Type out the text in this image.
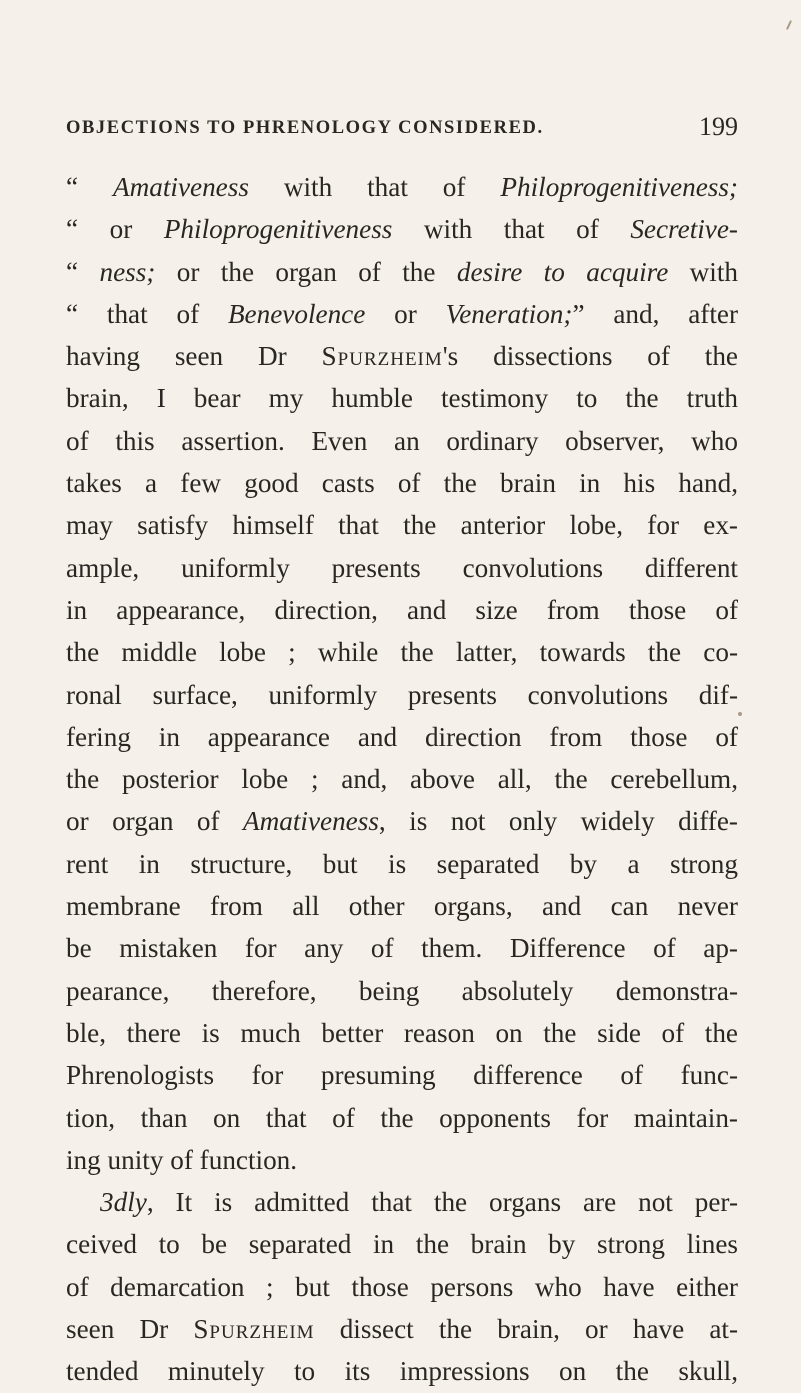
OBJECTIONS TO PHRENOLOGY CONSIDERED.	199
“ Amativeness with that of Philoprogenitiveness;
“ or Philoprogenitiveness with that of Secretive-
“ ness; or the organ of the desire to acquire with
“ that of Benevolence or Veneration;” and, after
having seen Dr Spurzheim's dissections of the
brain, I bear my humble testimony to the truth
of this assertion. Even an ordinary observer, who
takes a few good casts of the brain in his hand,
may satisfy himself that the anterior lobe, for ex-
ample, uniformly presents convolutions different
in appearance, direction, and size from those of
the middle lobe ; while the latter, towards the co-
ronal surface, uniformly presents convolutions dif-
fering in appearance and direction from those of
the posterior lobe ; and, above all, the cerebellum,
or organ of Amativeness, is not only widely diffe-
rent in structure, but is separated by a strong
membrane from all other organs, and can never
be mistaken for any of them. Difference of ap-
pearance, therefore, being absolutely demonstra-
ble, there is much better reason on the side of the
Phrenologists for presuming difference of func-
tion, than on that of the opponents for maintain-
ing unity of function.
3dly, It is admitted that the organs are not per-
ceived to be separated in the brain by strong lines
of demarcation ; but those persons who have either
seen Dr Spurzheim dissect the brain, or have at-
tended minutely to its impressions on the skull,
